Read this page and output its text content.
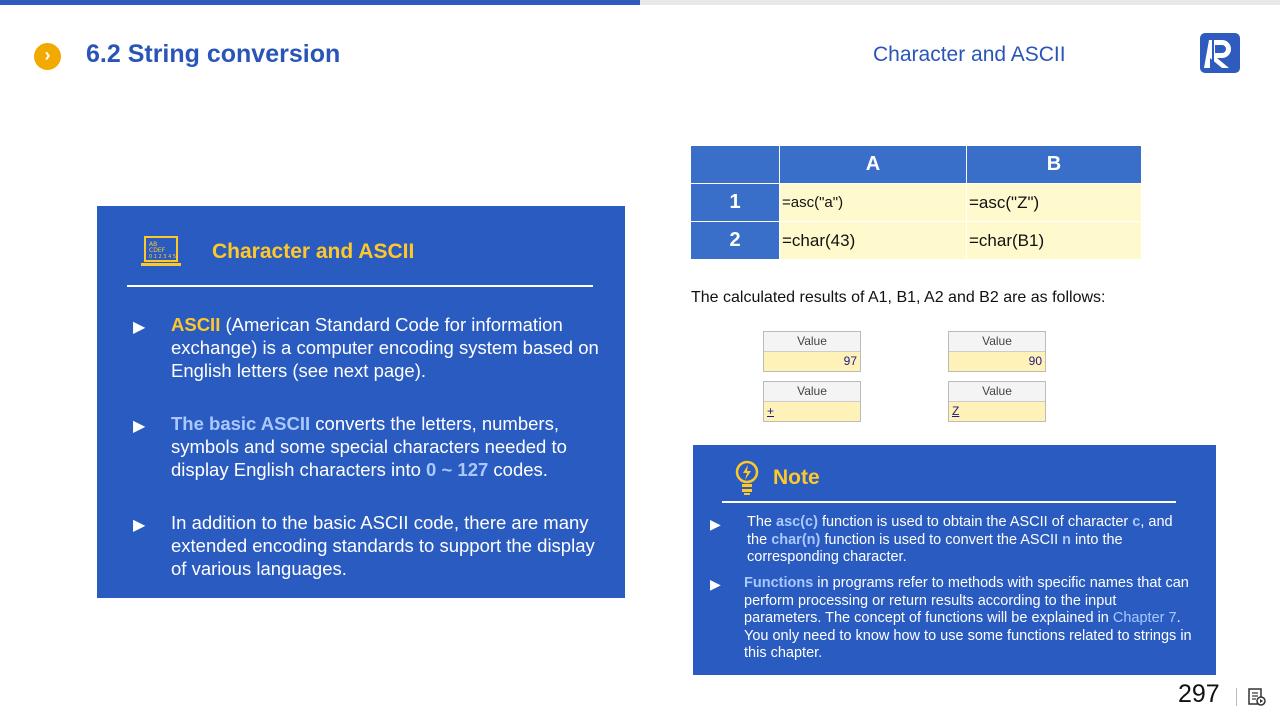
›	6.2 String conversion	Character and ASCII
AB
CDEF
0 1 2 3 4 5 Character and ASCII
▶ ASCII (American Standard Code for information exchange) is a computer encoding system based on English letters (see next page).
▶ The basic ASCII converts the letters, numbers, symbols and some special characters needed to display English characters into 0 ~ 127 codes.
▶ In addition to the basic ASCII code, there are many extended encoding standards to support the display of various languages.
	A	B
1	=asc("a")	=asc("Z")
2	=char(43)	=char(B1)
The calculated results of A1, B1, A2 and B2 are as follows:
Value
97
Value
90
Value
+
Value
Z
Note
▶ The asc(c) function is used to obtain the ASCII of character c, and the char(n) function is used to convert the ASCII n into the corresponding character.
▶ Functions in programs refer to methods with specific names that can perform processing or return results according to the input parameters. The concept of functions will be explained in Chapter 7. You only need to know how to use some functions related to strings in this chapter.
297
